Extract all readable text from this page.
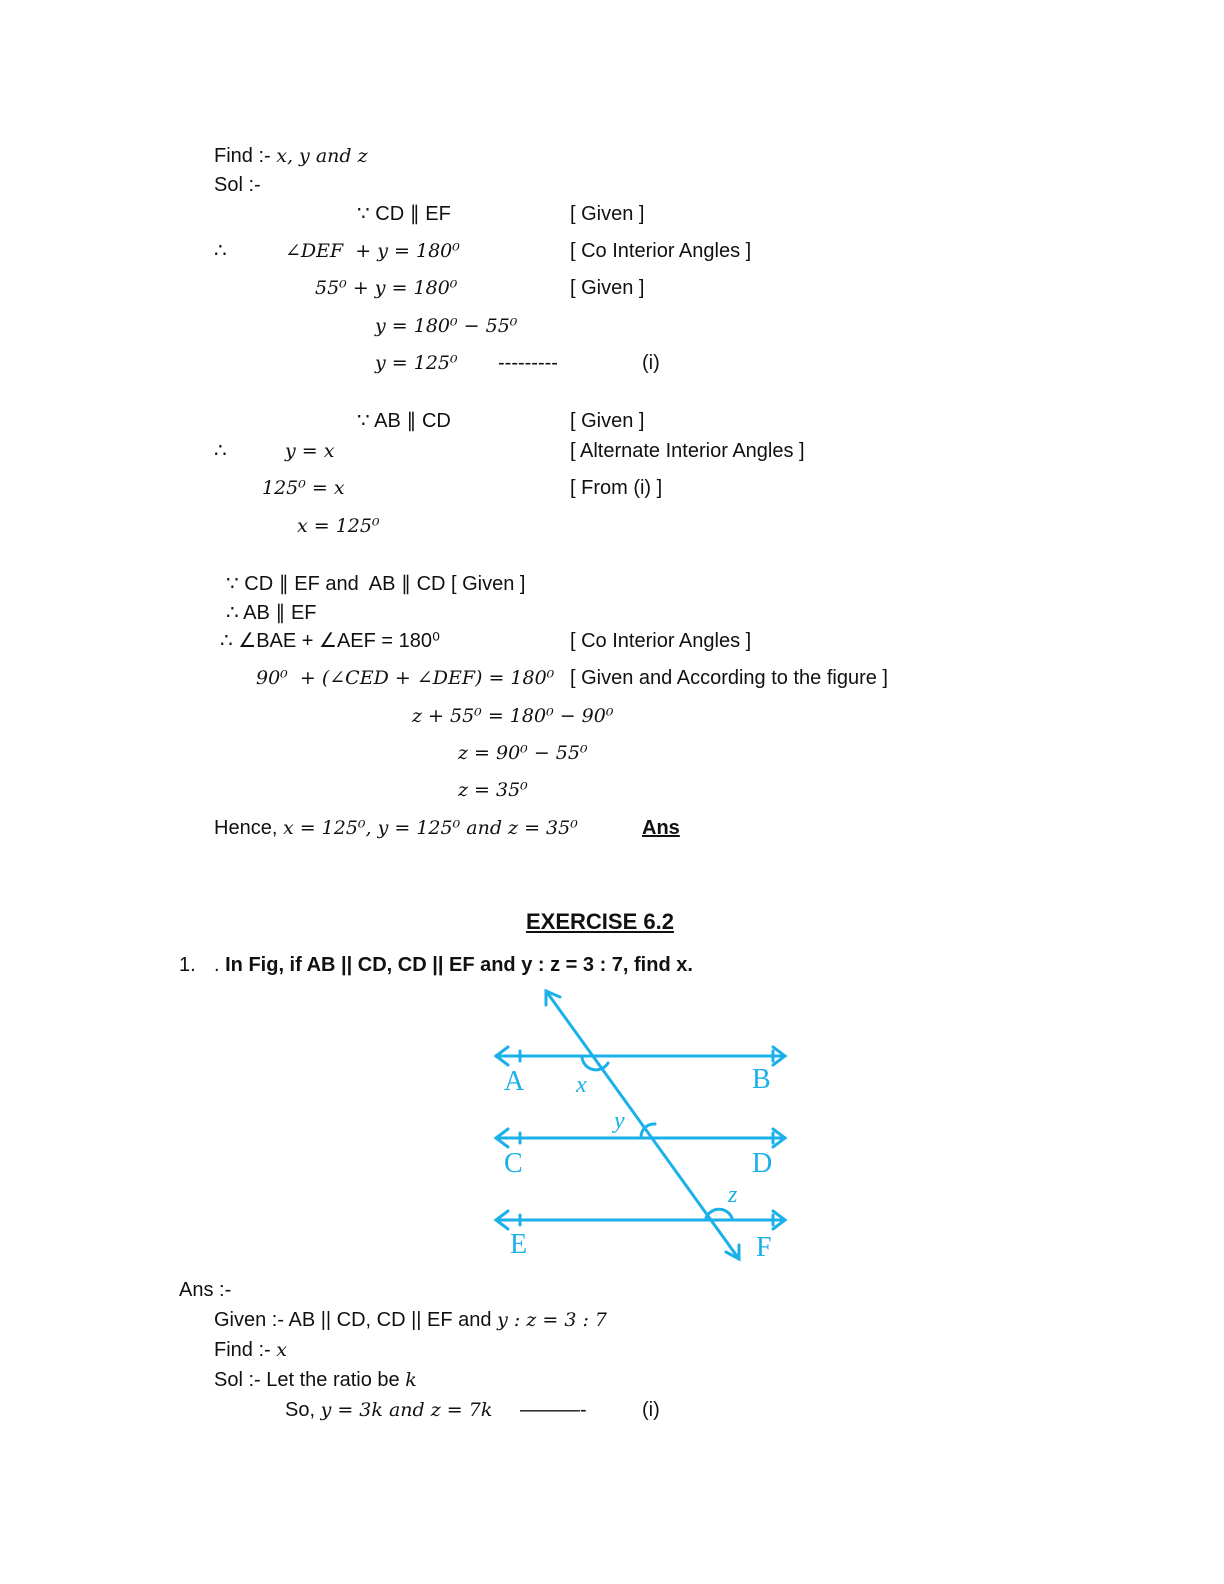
Find :- x, y and z
Sol :-
∵ CD ∥ EF	[ Given ]
∴	∠DEF  + y = 180⁰	[ Co Interior Angles ]
55⁰ + y = 180⁰	[ Given ]
y = 180⁰ − 55⁰
y = 125⁰ ---------	(i)
∵ AB ∥ CD	[ Given ]
∴	y = x	[ Alternate Interior Angles ]
125⁰ = x	[ From (i) ]
x = 125⁰
∵ CD ∥ EF and  AB ∥ CD [ Given ]
∴ AB ∥ EF
∴ ∠BAE + ∠AEF = 180⁰	[ Co Interior Angles ]
90⁰  + (∠CED + ∠DEF) = 180⁰ [ Given and According to the figure ]
z + 55⁰ = 180⁰ − 90⁰
z = 90⁰ − 55⁰
z = 35⁰
Hence, x = 125⁰, y = 125⁰ and z = 35⁰	Ans
EXERCISE 6.2
1. . In Fig, if AB || CD, CD || EF and y : z = 3 : 7, find x.
A	B
C	D
E	F
x
y
z
Ans :-
Given :- AB || CD, CD || EF and y : z = 3 : 7
Find :- x
Sol :- Let the ratio be k
So, y = 3k and z = 7k ———-	(i)
